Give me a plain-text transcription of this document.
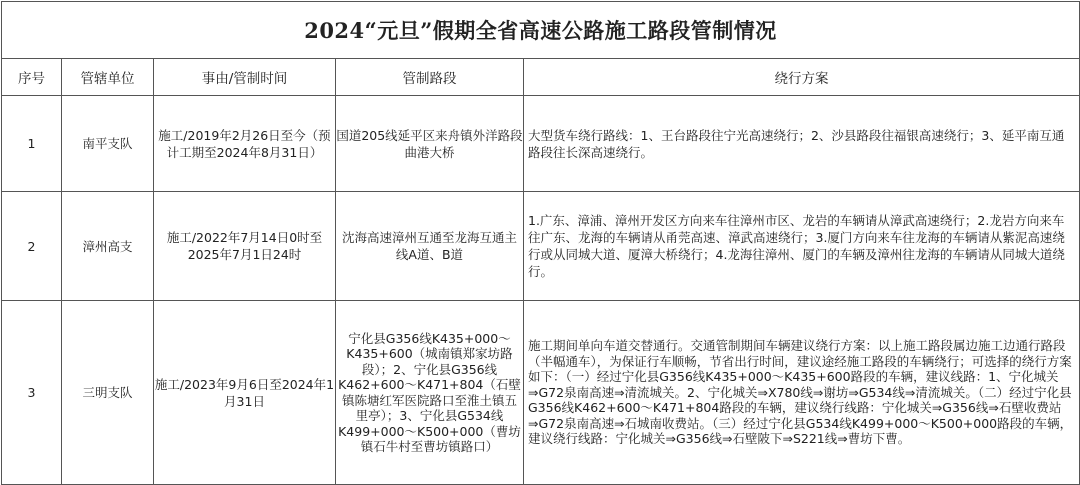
2024“元旦”假期全省高速公路施工路段管制情况				
序号	管辖单位	事由/管制时间	管制路段	绕行方案
1	南平支队	施工/2019年2月26日至今（预计工期至2024年8月31日）	国道205线延平区来舟镇外洋路段曲港大桥	大型货车绕行路线：1、王台路段往宁光高速绕行；2、沙县路段往福银高速绕行；3、延平南互通路段往长深高速绕行。
2	漳州高支	施工/2022年7月14日0时至2025年7月1日24时	沈海高速漳州互通至龙海互通主线A道、B道	1.广东、漳浦、漳州开发区方向来车往漳州市区、龙岩的车辆请从漳武高速绕行；2.龙岩方向来车往广东、龙海的车辆请从甬莞高速、漳武高速绕行；3.厦门方向来车往龙海的车辆请从紫泥高速绕行或从同城大道、厦漳大桥绕行；4.龙海往漳州、厦门的车辆及漳州往龙海的车辆请从同城大道绕行。
3	三明支队	施工/2023年9月6日至2024年1月31日	宁化县G356线K435+000～K435+600（城南镇郑家坊路段）；2、宁化县G356线K462+600～K471+804（石壁镇陈塘红军医院路口至淮土镇五里亭）；3、宁化县G534线K499+000～K500+000（曹坊镇石牛村至曹坊镇路口）	施工期间单向车道交替通行。交通管制期间车辆建议绕行方案：以上施工路段属边施工边通行路段（半幅通车），为保证行车顺畅，节省出行时间，建议途经施工路段的车辆绕行；可选择的绕行方案如下：（一）经过宁化县G356线K435+000～K435+600路段的车辆，建议线路：1、宁化城关⇒G72泉南高速⇒清流城关。2、宁化城关⇒X780线⇒谢坊⇒G534线⇒清流城关。（二）经过宁化县G356线K462+600～K471+804路段的车辆，建议绕行线路：宁化城关⇒G356线⇒石壁收费站⇒G72泉南高速⇒石城南收费站。（三）经过宁化县G534线K499+000～K500+000路段的车辆，建议绕行线路：宁化城关⇒G356线⇒石壁陂下⇒S221线⇒曹坊下曹。
